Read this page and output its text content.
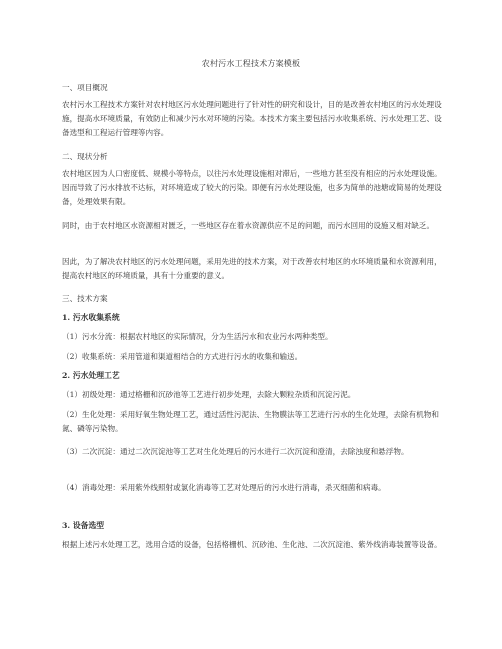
农村污水工程技术方案模板
一、项目概况

农村污水工程技术方案针对农村地区污水处理问题进行了针对性的研究和设计，目的是改善农村地区的污水处理设施，提高水环境质量，有效防止和减少污水对环境的污染。本技术方案主要包括污水收集系统、污水处理工艺、设备选型和工程运行管理等内容。

二、现状分析

农村地区因为人口密度低、规模小等特点，以往污水处理设施相对滞后，一些地方甚至没有相应的污水处理设施。因而导致了污水排放不达标，对环境造成了较大的污染。即便有污水处理设施，也多为简单的池塘或简易的处理设备，处理效果有限。

同时，由于农村地区水资源相对匮乏，一些地区存在着水资源供应不足的问题，而污水回用的设施又相对缺乏。

因此，为了解决农村地区的污水处理问题，采用先进的技术方案，对于改善农村地区的水环境质量和水资源利用，提高农村地区的环境质量，具有十分重要的意义。

三、技术方案
1. 污水收集系统

（1）污水分流：根据农村地区的实际情况，分为生活污水和农业污水两种类型。

（2）收集系统：采用管道和渠道相结合的方式进行污水的收集和输送。

2. 污水处理工艺

（1）初级处理：通过格栅和沉砂池等工艺进行初步处理，去除大颗粒杂质和沉淀污泥。

（2）生化处理：采用好氧生物处理工艺，通过活性污泥法、生物膜法等工艺进行污水的生化处理，去除有机物和氮、磷等污染物。

（3）二次沉淀：通过二次沉淀池等工艺对生化处理后的污水进行二次沉淀和澄清，去除浊度和悬浮物。

（4）消毒处理：采用紫外线照射或氯化消毒等工艺对处理后的污水进行消毒，杀灭细菌和病毒。

3. 设备选型

根据上述污水处理工艺，选用合适的设备，包括格栅机、沉砂池、生化池、二次沉淀池、紫外线消毒装置等设备。
